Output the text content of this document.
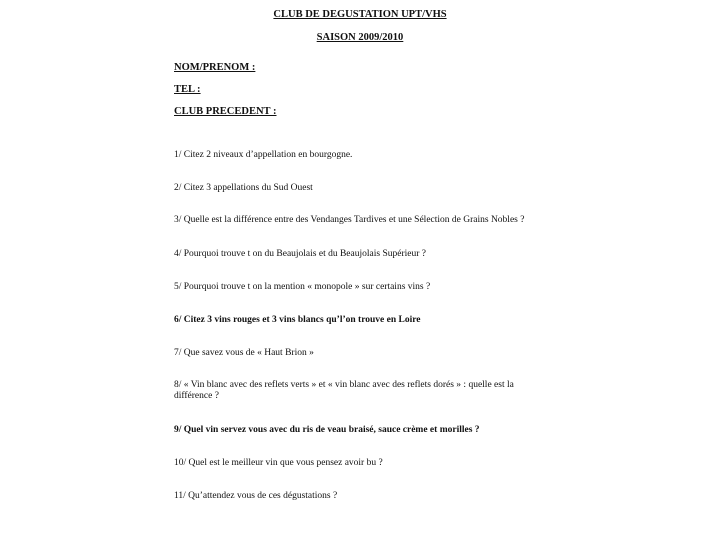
CLUB DE DEGUSTATION UPT/VHS
SAISON 2009/2010
NOM/PRENOM :
TEL :
CLUB PRECEDENT :
1/ Citez 2 niveaux d’appellation en bourgogne.
2/ Citez 3 appellations du Sud Ouest
3/ Quelle est la différence entre des Vendanges Tardives et une Sélection de Grains Nobles ?
4/ Pourquoi trouve t on du Beaujolais et du Beaujolais Supérieur ?
5/ Pourquoi trouve t on la mention « monopole » sur certains vins ?
6/ Citez 3 vins rouges et 3 vins blancs qu’l’on trouve en Loire
7/ Que savez vous de « Haut Brion »
8/ « Vin blanc avec des reflets verts » et « vin blanc avec des reflets dorés » : quelle est la différence ?
9/ Quel vin servez vous avec du ris de veau braisé, sauce crème et morilles ?
10/ Quel est le meilleur vin que vous pensez avoir bu ?
11/ Qu’attendez vous de ces dégustations ?
